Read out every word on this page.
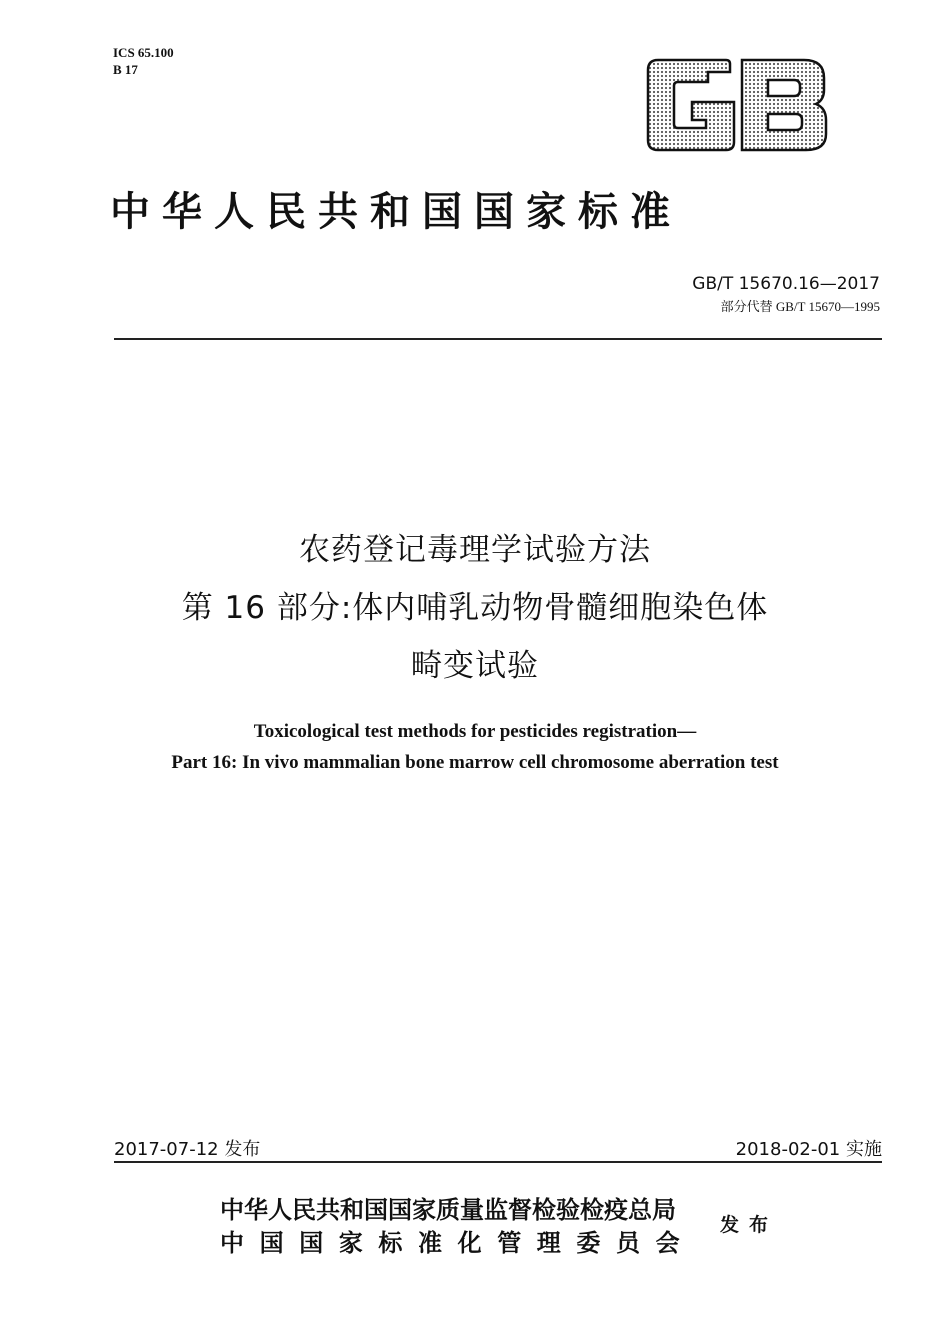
ICS 65.100
B 17
中华人民共和国国家标准
GB/T 15670.16—2017
部分代替 GB/T 15670—1995
农药登记毒理学试验方法
第 16 部分:体内哺乳动物骨髓细胞染色体
畸变试验
Toxicological test methods for pesticides registration—
Part 16: In vivo mammalian bone marrow cell chromosome aberration test
2017-07-12 发布	2018-02-01 实施
中华人民共和国国家质量监督检验检疫总局
中国国家标准化管理委员会
发布
